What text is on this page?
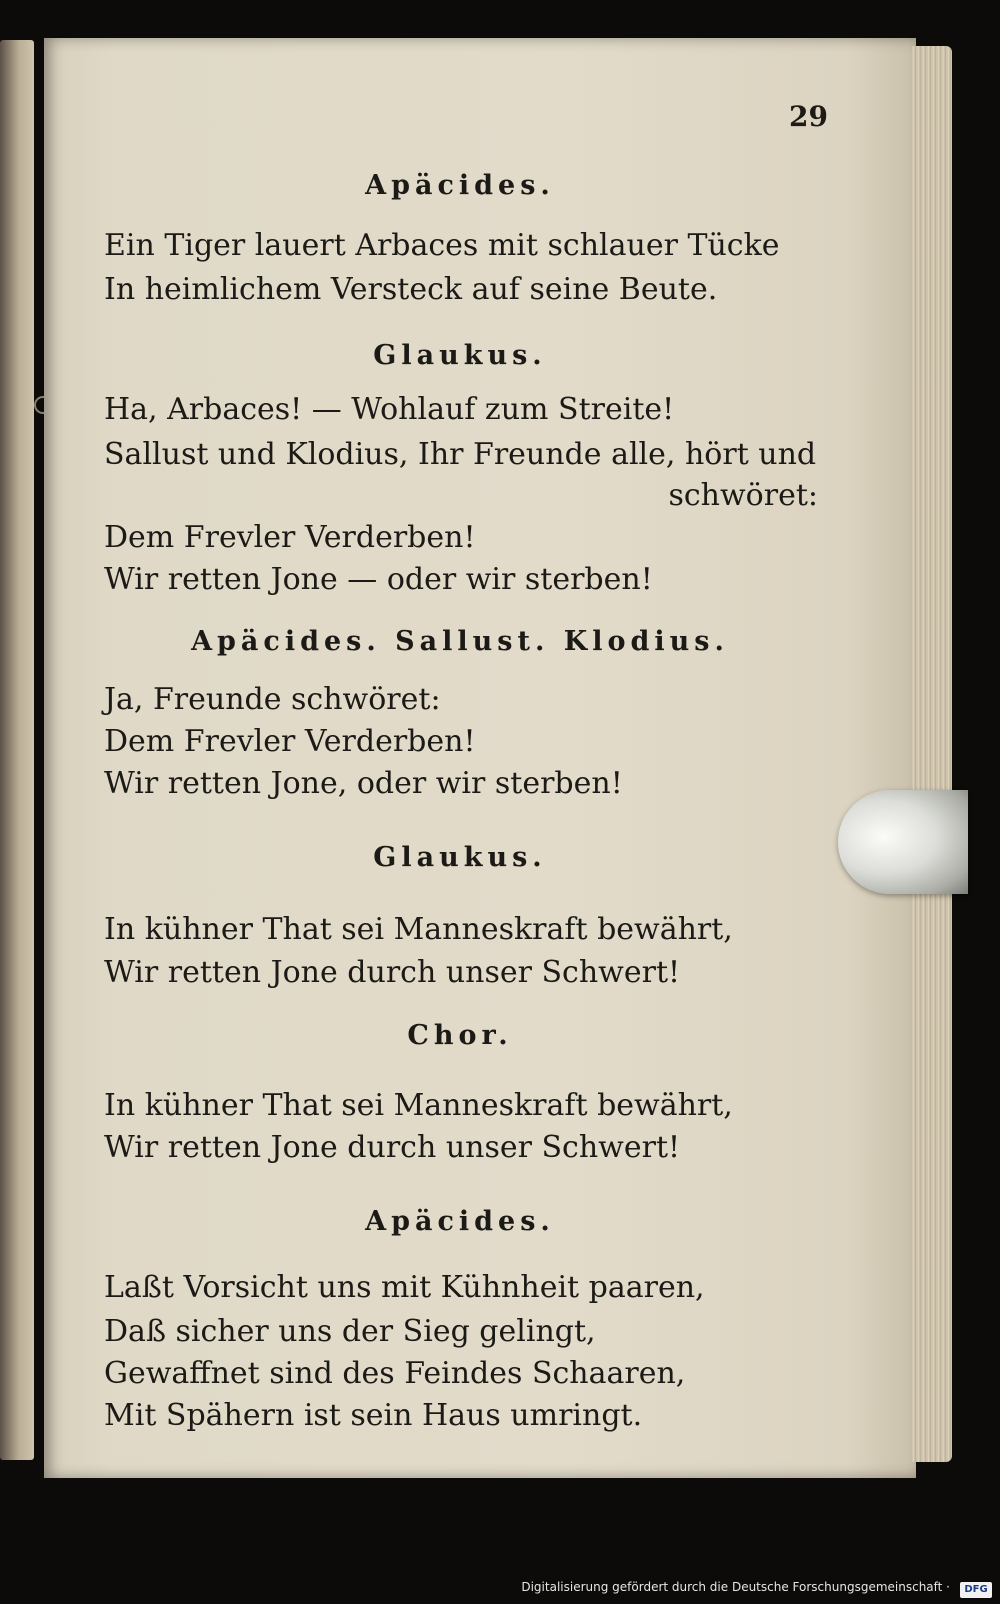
29
Apäcides.
Ein Tiger lauert Arbaces mit schlauer Tücke
In heimlichem Versteck auf seine Beute.
Glaukus.
Ha, Arbaces! — Wohlauf zum Streite!
Sallust und Klodius, Ihr Freunde alle, hört und
schwöret:
Dem Frevler Verderben!
Wir retten Jone — oder wir sterben!
Apäcides. Sallust. Klodius.
Ja, Freunde schwöret:
Dem Frevler Verderben!
Wir retten Jone, oder wir sterben!
Glaukus.
In kühner That sei Manneskraft bewährt,
Wir retten Jone durch unser Schwert!
Chor.
In kühner That sei Manneskraft bewährt,
Wir retten Jone durch unser Schwert!
Apäcides.
Laßt Vorsicht uns mit Kühnheit paaren,
Daß sicher uns der Sieg gelingt,
Gewaffnet sind des Feindes Schaaren,
Mit Spähern ist sein Haus umringt.
Digitalisierung gefördert durch die Deutsche Forschungsgemeinschaft ·	DFG
